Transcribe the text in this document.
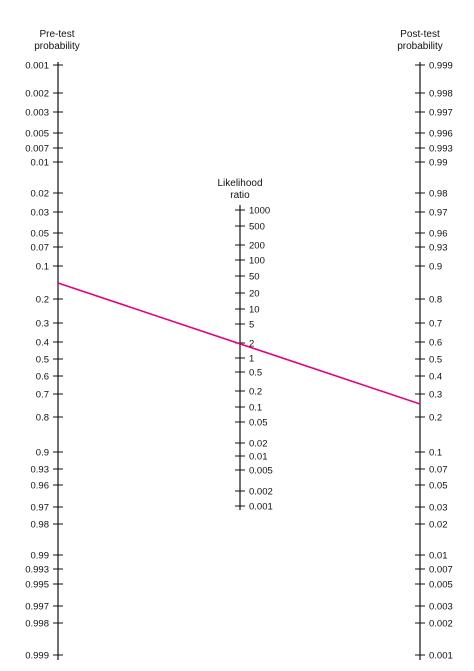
Pre-test
probability
Likelihood
ratio
Post-test
probability
0.001
0.002
0.003
0.005
0.007
0.01
0.02
0.03
0.05
0.07
0.1
0.2
0.3
0.4
0.5
0.6
0.7
0.8
0.9
0.93
0.96
0.97
0.98
0.99
0.993
0.995
0.997
0.998
0.999
1000
500
200
100
50
20
10
5
2
1
0.5
0.2
0.1
0.05
0.02
0.01
0.005
0.002
0.001
0.999
0.998
0.997
0.996
0.993
0.99
0.98
0.97
0.96
0.93
0.9
0.8
0.7
0.6
0.5
0.4
0.3
0.2
0.1
0.07
0.05
0.03
0.02
0.01
0.007
0.005
0.003
0.002
0.001
